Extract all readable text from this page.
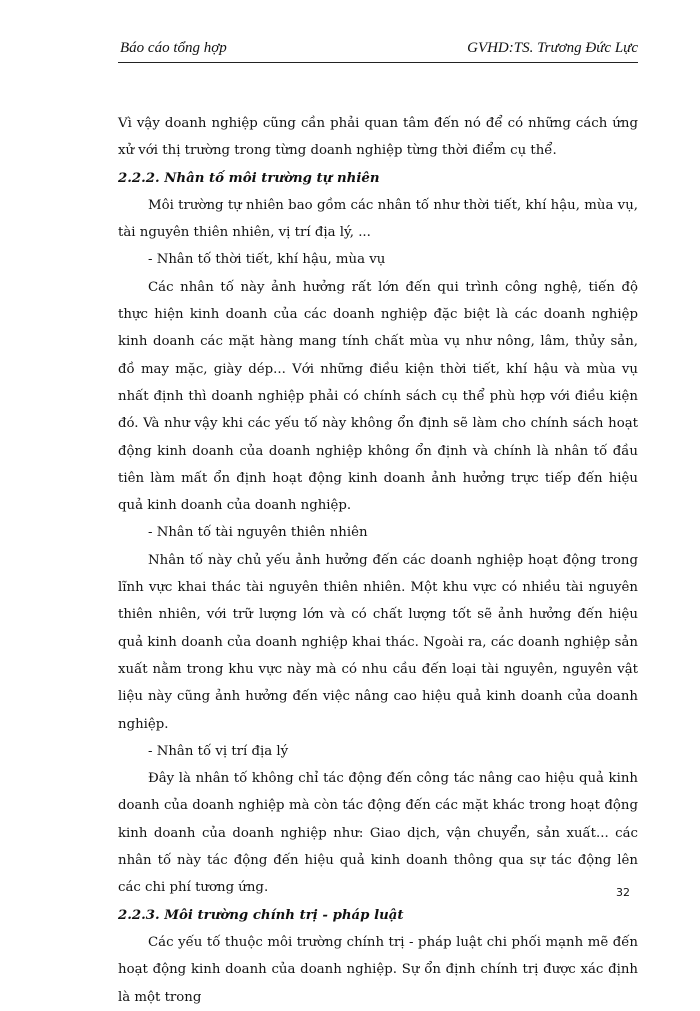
Báo cáo tổng hợp	GVHD:TS. Trương Đức Lực

Vì vậy doanh nghiệp cũng cần phải quan tâm đến nó để có những cách ứng xử với thị trường trong từng doanh nghiệp từng thời điểm cụ thể.

2.2.2. Nhân tố môi trường tự nhiên

Môi trường tự nhiên bao gồm các nhân tố như thời tiết, khí hậu, mùa vụ, tài nguyên thiên nhiên, vị trí địa lý, ...

- Nhân tố thời tiết, khí hậu, mùa vụ

Các nhân tố này ảnh hưởng rất lớn đến qui trình công nghệ, tiến độ thực hiện kinh doanh của các doanh nghiệp đặc biệt là các doanh nghiệp kinh doanh các mặt hàng mang tính chất mùa vụ như nông, lâm, thủy sản, đồ may mặc, giày dép... Với những điều kiện thời tiết, khí hậu và mùa vụ nhất định thì doanh nghiệp phải có chính sách cụ thể phù hợp với điều kiện đó. Và như vậy khi các yếu tố này không ổn định sẽ làm cho chính sách hoạt động kinh doanh của doanh nghiệp không ổn định và chính là nhân tố đầu tiên làm mất ổn định hoạt động kinh doanh ảnh hưởng trực tiếp đến hiệu quả kinh doanh của doanh nghiệp.

- Nhân tố tài nguyên thiên nhiên

Nhân tố này chủ yếu ảnh hưởng đến các doanh nghiệp hoạt động trong lĩnh vực khai thác tài nguyên thiên nhiên. Một khu vực có nhiều tài nguyên thiên nhiên, với trữ lượng lớn và có chất lượng tốt sẽ ảnh hưởng đến hiệu quả kinh doanh của doanh nghiệp khai thác. Ngoài ra, các doanh nghiệp sản xuất nằm trong khu vực này mà có nhu cầu đến loại tài nguyên, nguyên vật liệu này cũng ảnh hưởng đến việc nâng cao hiệu quả kinh doanh của doanh nghiệp.

- Nhân tố vị trí địa lý

Đây là nhân tố không chỉ tác động đến công tác nâng cao hiệu quả kinh doanh của doanh nghiệp mà còn tác động đến các mặt khác trong hoạt động kinh doanh của doanh nghiệp như: Giao dịch, vận chuyển, sản xuất... các nhân tố này tác động đến hiệu quả kinh doanh thông qua sự tác động lên các chi phí tương ứng.

2.2.3. Môi trường chính trị - pháp luật

Các yếu tố thuộc môi trường chính trị - pháp luật chi phối mạnh mẽ đến hoạt động kinh doanh của doanh nghiệp. Sự ổn định chính trị được xác định là một trong

32
